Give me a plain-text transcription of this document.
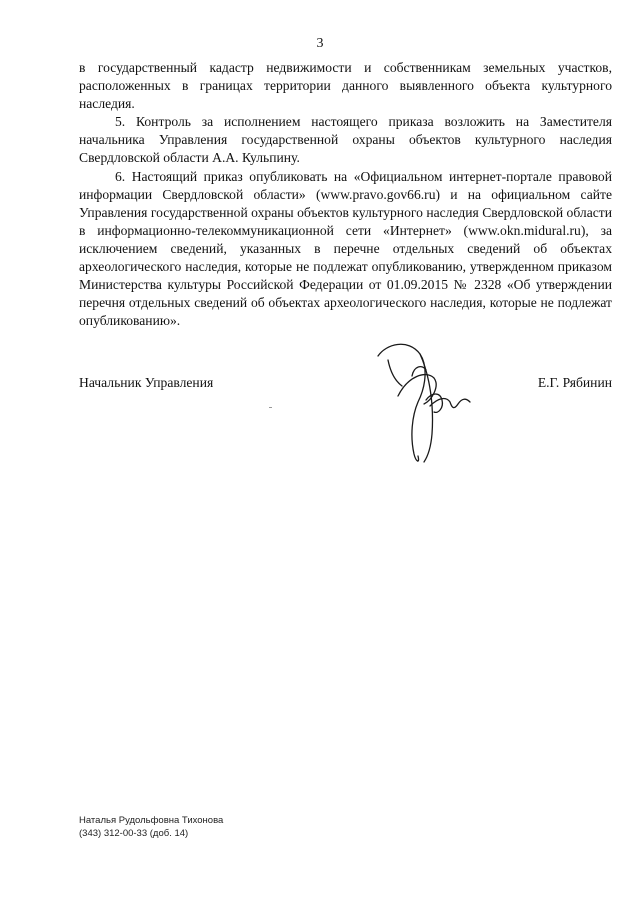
3

в государственный кадастр недвижимости и собственникам земельных участков, расположенных в границах территории данного выявленного объекта культурного наследия.

5. Контроль за исполнением настоящего приказа возложить на Заместителя начальника Управления государственной охраны объектов культурного наследия Свердловской области А.А. Кульпину.

6. Настоящий приказ опубликовать на «Официальном интернет-портале правовой информации Свердловской области» (www.pravo.gov66.ru) и на официальном сайте Управления государственной охраны объектов культурного наследия Свердловской области в информационно-телекоммуникационной сети «Интернет» (www.okn.midural.ru), за исключением сведений, указанных в перечне отдельных сведений об объектах археологического наследия, которые не подлежат опубликованию, утвержденном приказом Министерства культуры Российской Федерации от 01.09.2015 № 2328 «Об утверждении перечня отдельных сведений об объектах археологического наследия, которые не подлежат опубликованию».

Начальник Управления	Е.Г. Рябинин
Наталья Рудольфовна Тихонова
(343) 312-00-33 (доб. 14)
